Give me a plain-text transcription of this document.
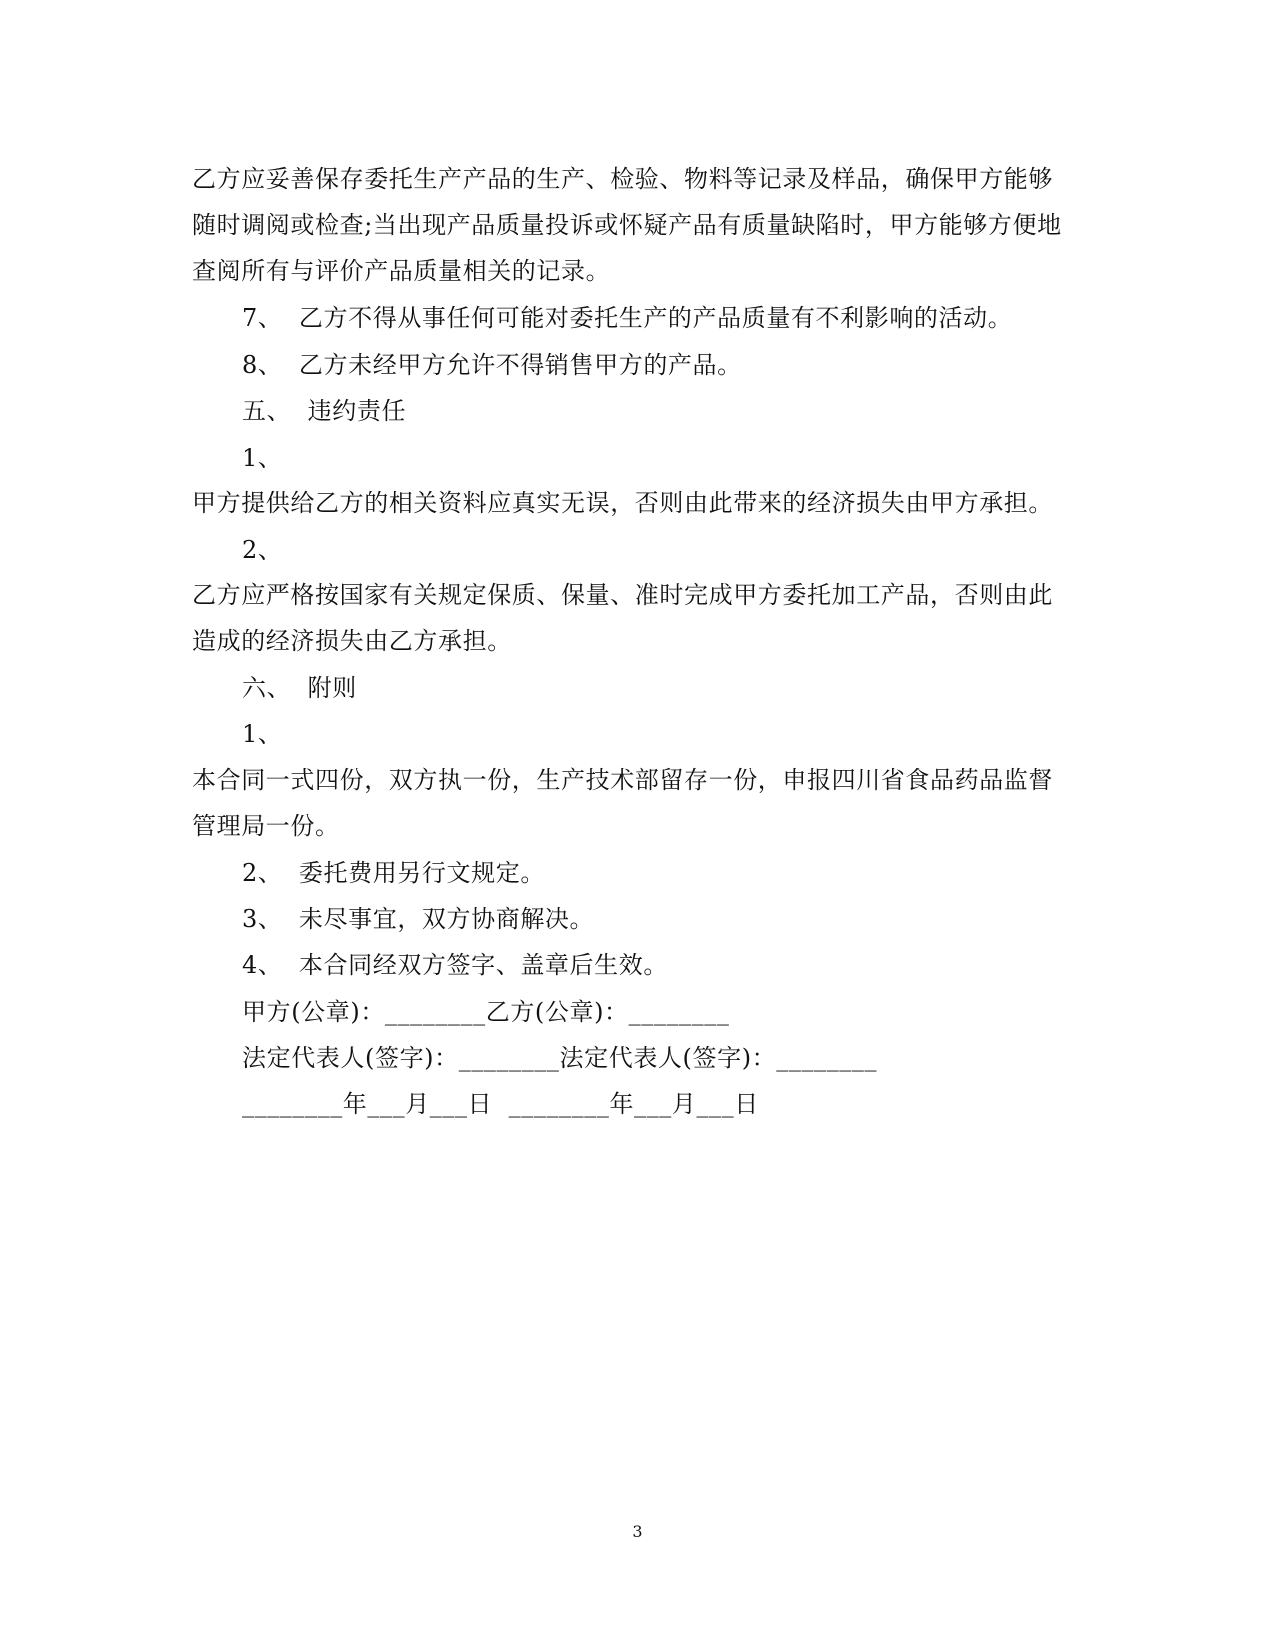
乙方应妥善保存委托生产产品的生产、检验、物料等记录及样品，确保甲方能够
随时调阅或检查;当出现产品质量投诉或怀疑产品有质量缺陷时，甲方能够方便地
查阅所有与评价产品质量相关的记录。
7、  乙方不得从事任何可能对委托生产的产品质量有不利影响的活动。
8、  乙方未经甲方允许不得销售甲方的产品。
五、  违约责任
1、
甲方提供给乙方的相关资料应真实无误，否则由此带来的经济损失由甲方承担。
2、
乙方应严格按国家有关规定保质、保量、准时完成甲方委托加工产品，否则由此
造成的经济损失由乙方承担。
六、  附则
1、
本合同一式四份，双方执一份，生产技术部留存一份，申报四川省食品药品监督
管理局一份。
2、  委托费用另行文规定。
3、  未尽事宜，双方协商解决。
4、  本合同经双方签字、盖章后生效。
甲方(公章)：________乙方(公章)：________
法定代表人(签字)：________法定代表人(签字)：________
________年___月___日  ________年___月___日
3
